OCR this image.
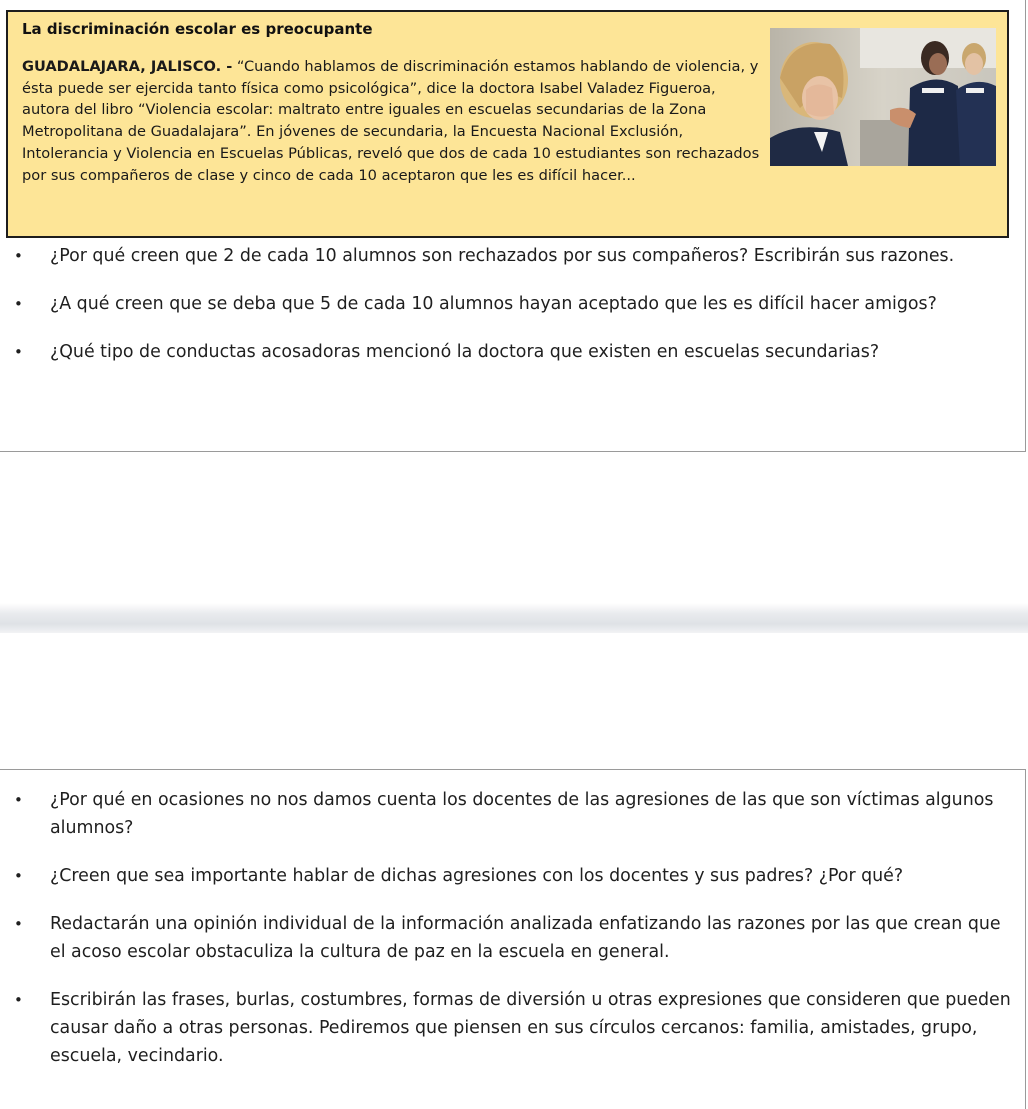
La discriminación escolar es preocupante
GUADALAJARA, JALISCO. - “Cuando hablamos de discriminación estamos hablando de violencia, y ésta puede ser ejercida tanto física como psicológica”, dice la doctora Isabel Valadez Figueroa, autora del libro “Violencia escolar: maltrato entre iguales en escuelas secundarias de la Zona Metropolitana de Guadalajara”. En jóvenes de secundaria, la Encuesta Nacional Exclusión, Intolerancia y Violencia en Escuelas Públicas, reveló que dos de cada 10 estudiantes son rechazados por sus compañeros de clase y cinco de cada 10 aceptaron que les es difícil hacer...
• ¿Por qué creen que 2 de cada 10 alumnos son rechazados por sus compañeros? Escribirán sus razones.
• ¿A qué creen que se deba que 5 de cada 10 alumnos hayan aceptado que les es difícil hacer amigos?
• ¿Qué tipo de conductas acosadoras mencionó la doctora que existen en escuelas secundarias?
• ¿Por qué en ocasiones no nos damos cuenta los docentes de las agresiones de las que son víctimas algunos alumnos?
• ¿Creen que sea importante hablar de dichas agresiones con los docentes y sus padres? ¿Por qué?
• Redactarán una opinión individual de la información analizada enfatizando las razones por las que crean que el acoso escolar obstaculiza la cultura de paz en la escuela en general.
• Escribirán las frases, burlas, costumbres, formas de diversión u otras expresiones que consideren que pueden causar daño a otras personas. Pediremos que piensen en sus círculos cercanos: familia, amistades, grupo, escuela, vecindario.
